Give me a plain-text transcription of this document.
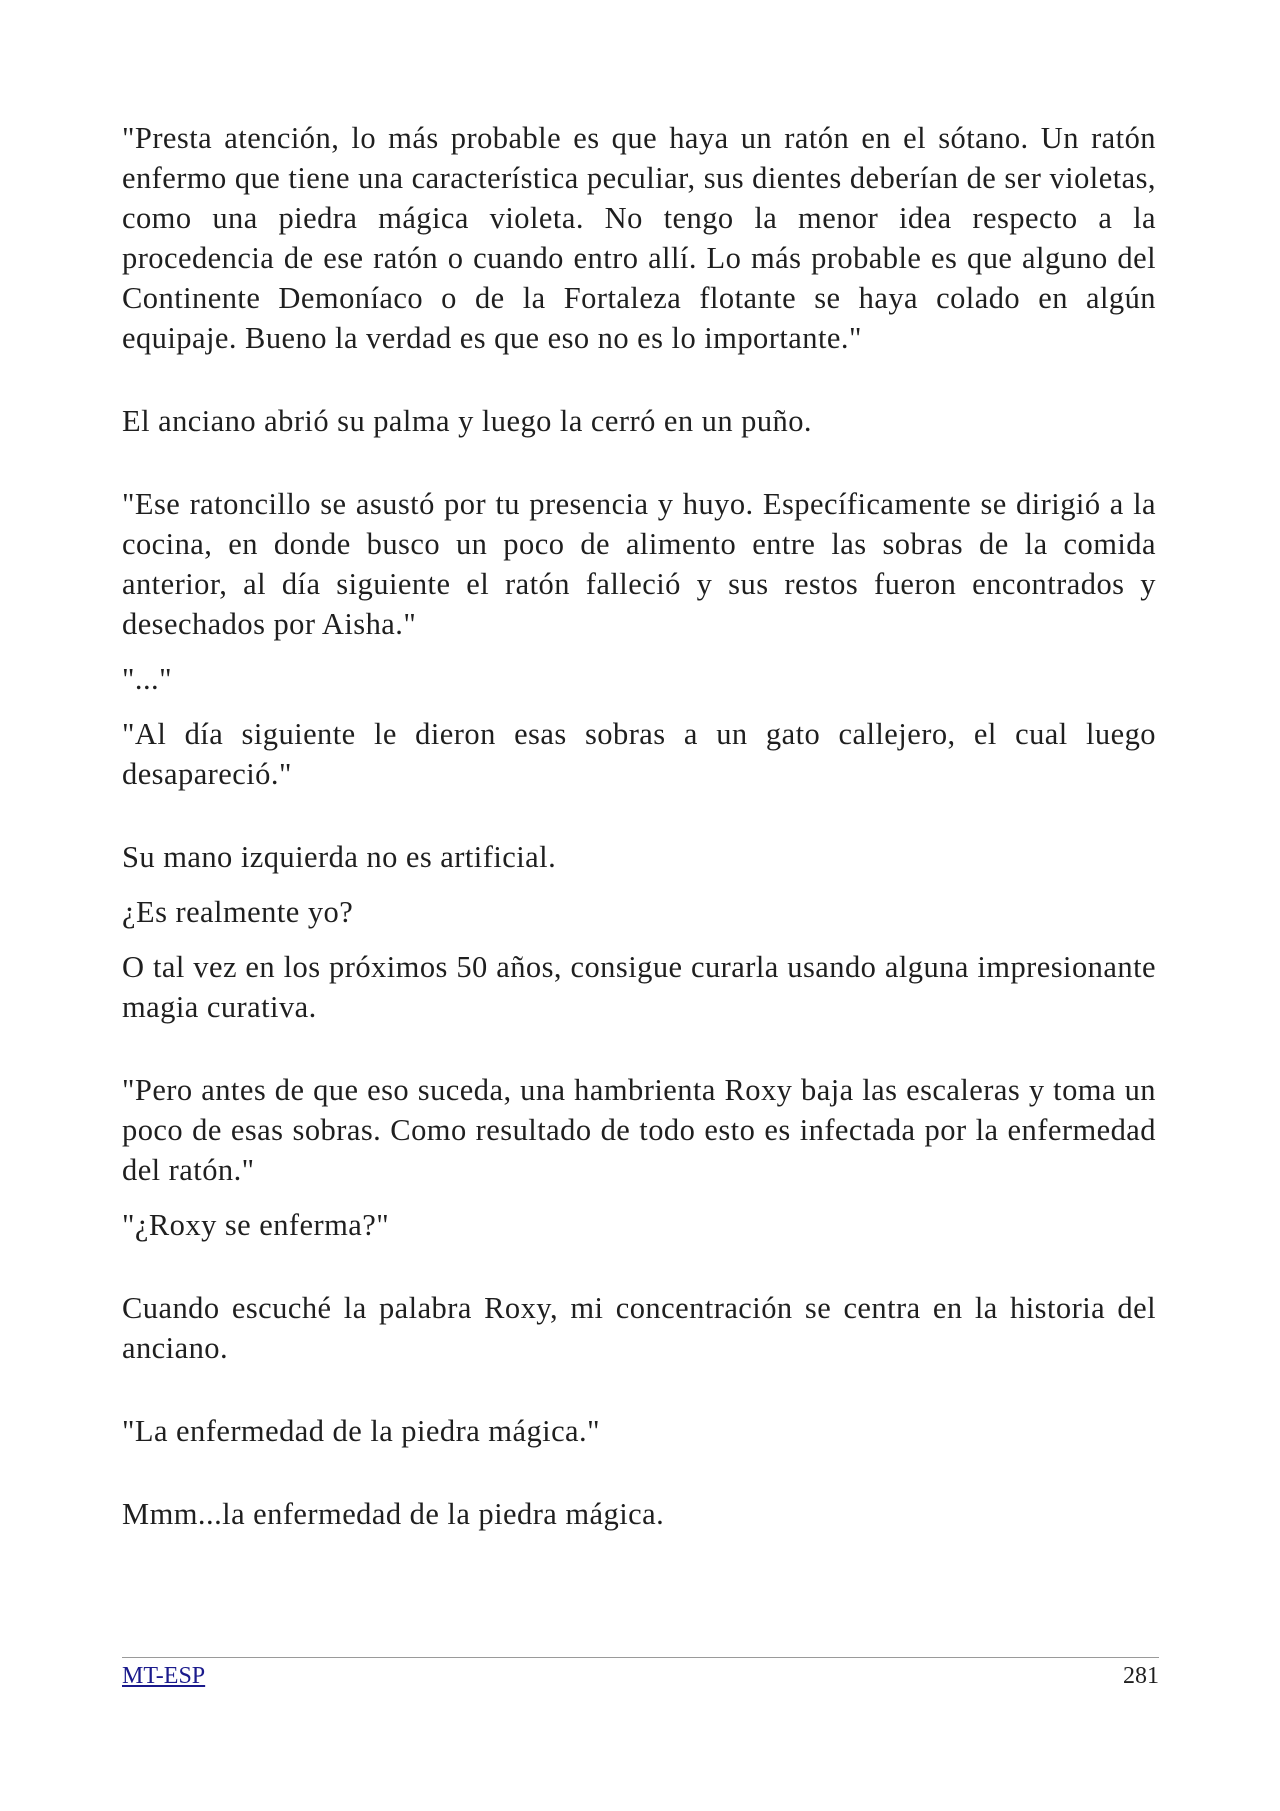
"Presta atención, lo más probable es que haya un ratón en el sótano. Un ratón enfermo que tiene una característica peculiar, sus dientes deberían de ser violetas, como una piedra mágica violeta. No tengo la menor idea respecto a la procedencia de ese ratón o cuando entro allí. Lo más probable es que alguno del Continente Demoníaco o de la Fortaleza flotante se haya colado en algún equipaje. Bueno la verdad es que eso no es lo importante."

El anciano abrió su palma y luego la cerró en un puño.

"Ese ratoncillo se asustó por tu presencia y huyo. Específicamente se dirigió a la cocina, en donde busco un poco de alimento entre las sobras de la comida anterior, al día siguiente el ratón falleció y sus restos fueron encontrados y desechados por Aisha."

"..."

"Al día siguiente le dieron esas sobras a un gato callejero, el cual luego desapareció."

Su mano izquierda no es artificial.

¿Es realmente yo?

O tal vez en los próximos 50 años, consigue curarla usando alguna impresionante magia curativa.

"Pero antes de que eso suceda, una hambrienta Roxy baja las escaleras y toma un poco de esas sobras. Como resultado de todo esto es infectada por la enfermedad del ratón."

"¿Roxy se enferma?"

Cuando escuché la palabra Roxy, mi concentración se centra en la historia del anciano.

"La enfermedad de la piedra mágica."

Mmm...la enfermedad de la piedra mágica.

MT-ESP	281
